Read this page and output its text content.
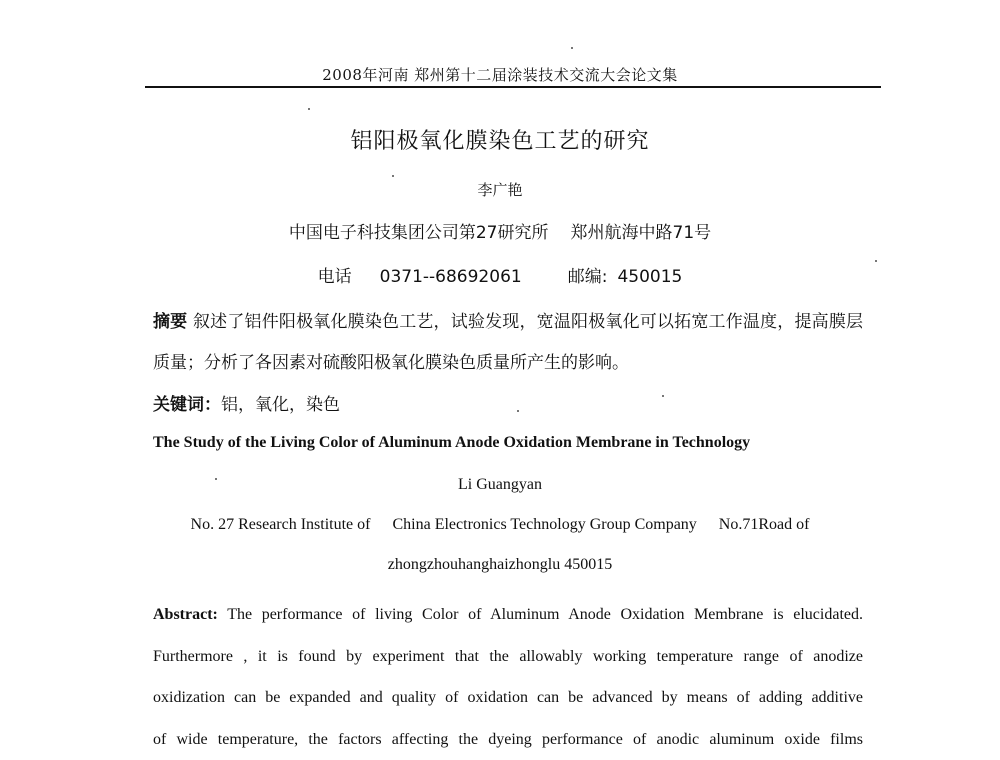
2008年河南 郑州第十二届涂装技术交流大会论文集
铝阳极氧化膜染色工艺的研究
李广艳
中国电子科技集团公司第27研究所 郑州航海中路71号
电话 0371--68692061	邮编: 450015
摘要 叙述了铝件阳极氧化膜染色工艺，试验发现，宽温阳极氧化可以拓宽工作温度，提高膜层质量；分析了各因素对硫酸阳极氧化膜染色质量所产生的影响。
关键词：铝，氧化，染色
The Study of the Living Color of Aluminum Anode Oxidation Membrane in Technology
Li Guangyan
No. 27 Research Institute of China Electronics Technology Group Company No.71Road of
zhongzhouhanghaizhonglu 450015
Abstract: The performance of living Color of Aluminum Anode Oxidation Membrane is elucidated.
Furthermore , it is found by experiment that the allowably working temperature range of anodize
oxidization can be expanded and quality of oxidation can be advanced by means of adding additive
of wide temperature, the factors affecting the dyeing performance of anodic aluminum oxide films
